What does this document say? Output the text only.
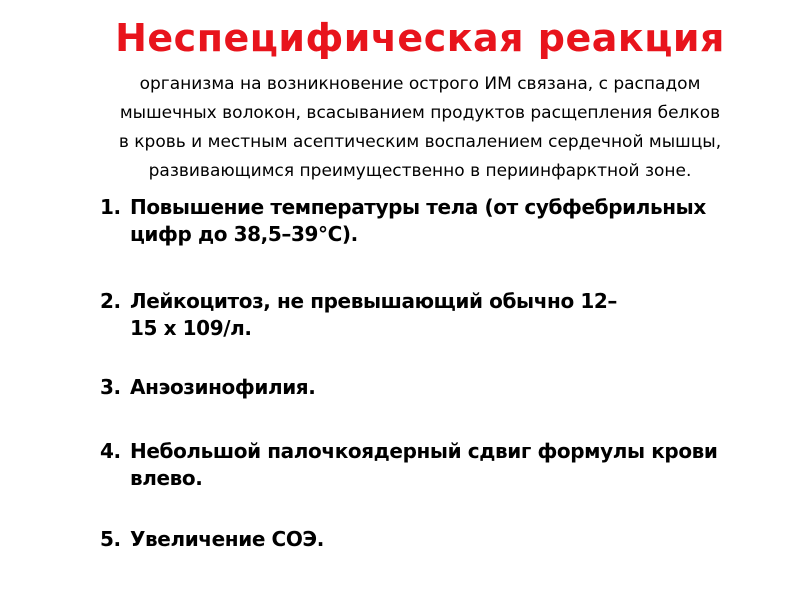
Неспецифическая реакция
организма на возникновение острого ИМ связана, с распадом
мышечных волокон, всасыванием продуктов расщепления белков
в кровь и местным асептическим воспалением сердечной мышцы,
развивающимся преимущественно в периинфарктной зоне.
1. Повышение температуры тела (от субфебрильных
цифр до 38,5–39°С).
2. Лейкоцитоз, не превышающий обычно 12–
15 х 109/л.
3. Анэозинофилия.
4. Небольшой палочкоядерный сдвиг формулы крови
влево.
5. Увеличение СОЭ.
